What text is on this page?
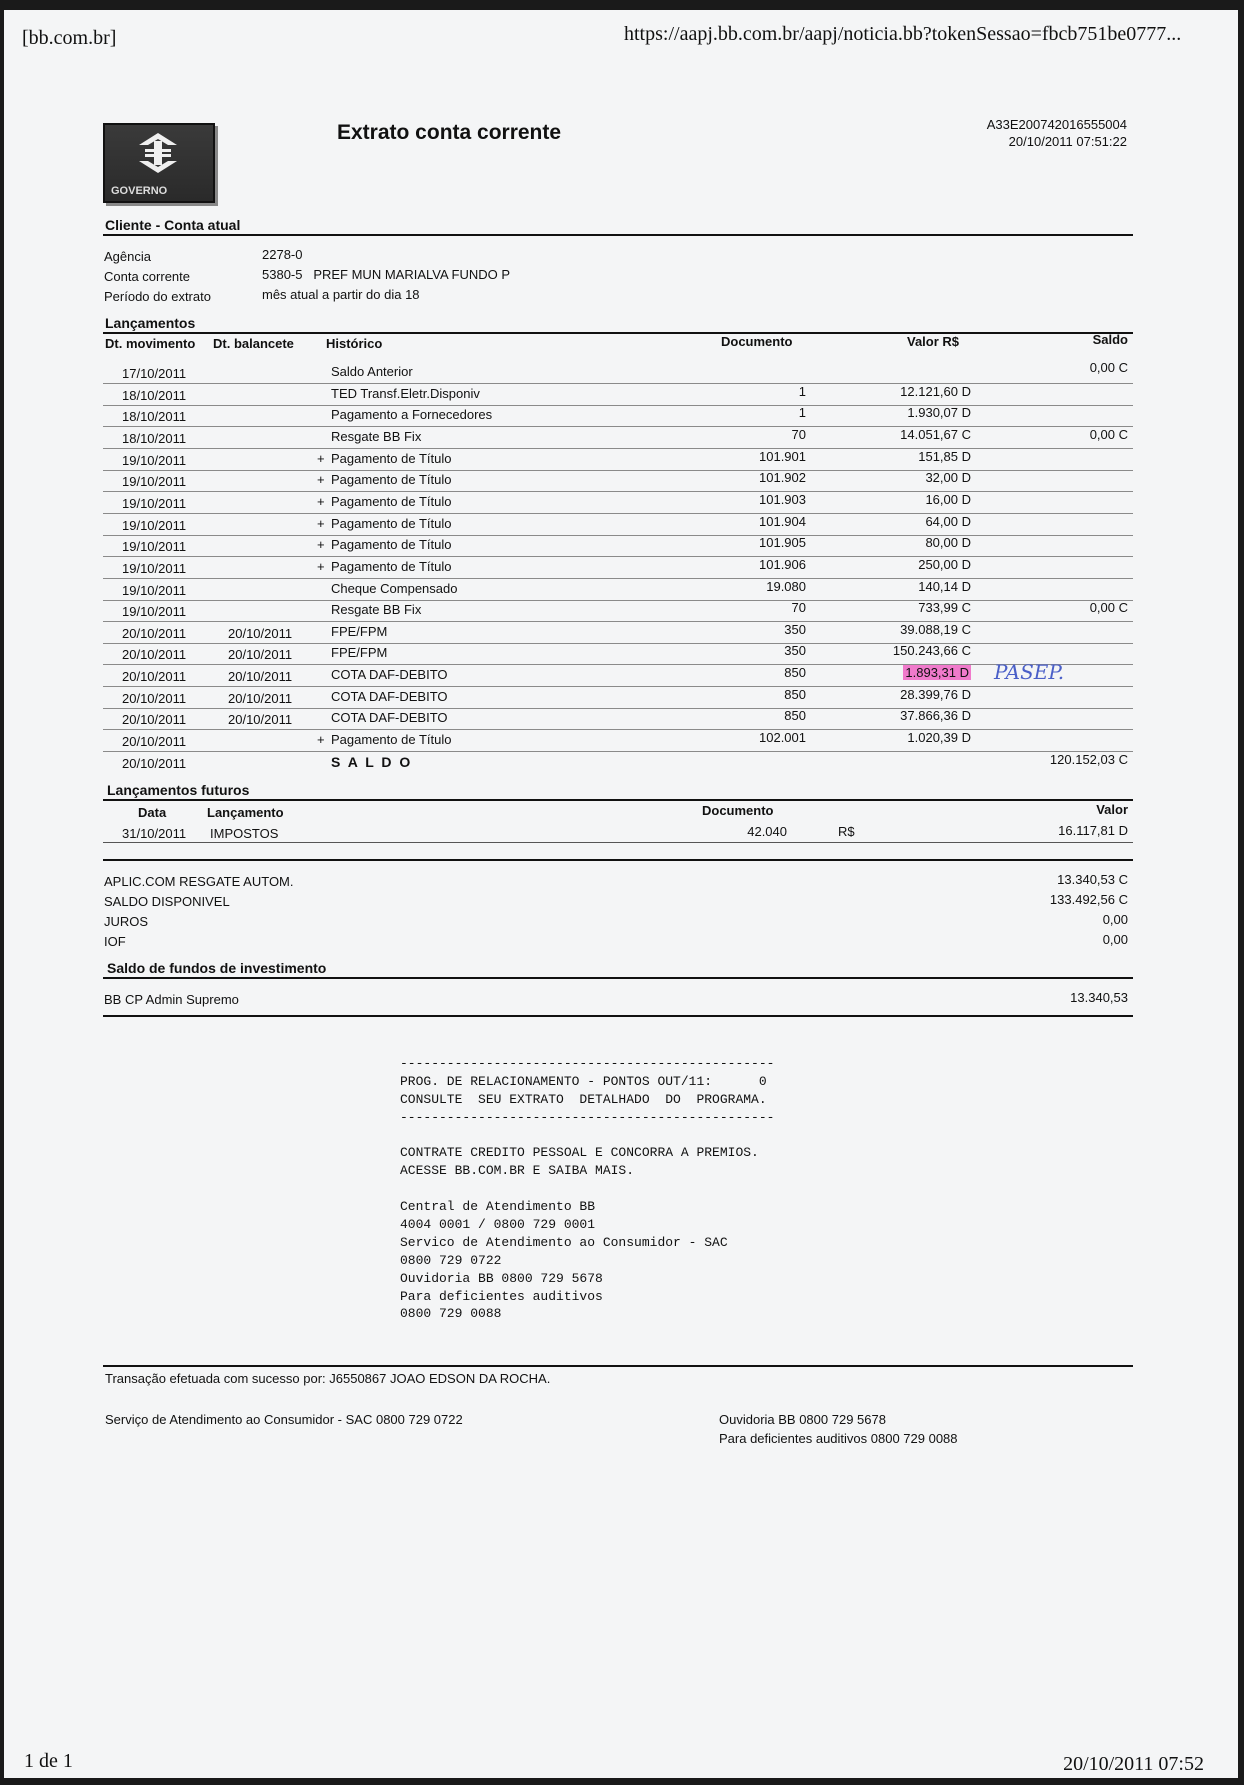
[bb.com.br]	https://aapj.bb.com.br/aapj/noticia.bb?tokenSessao=fbcb751be0777...
GOVERNO
Extrato conta corrente	A33E200742016555004
20/10/2011 07:51:22
Cliente - Conta atual
Agência	2278-0
Conta corrente	5380-5   PREF MUN MARIALVA FUNDO P
Período do extrato	mês atual a partir do dia 18
Lançamentos
Dt. movimento Dt. balancete Histórico	Documento	Valor R$	Saldo
17/10/2011	Saldo Anterior	0,00 C
18/10/2011	TED Transf.Eletr.Disponiv	1	12.121,60 D
18/10/2011	Pagamento a Fornecedores	1	1.930,07 D
18/10/2011	Resgate BB Fix	70	14.051,67 C	0,00 C
19/10/2011	+ Pagamento de Título	101.901	151,85 D
19/10/2011	+ Pagamento de Título	101.902	32,00 D
19/10/2011	+ Pagamento de Título	101.903	16,00 D
19/10/2011	+ Pagamento de Título	101.904	64,00 D
19/10/2011	+ Pagamento de Título	101.905	80,00 D
19/10/2011	+ Pagamento de Título	101.906	250,00 D
19/10/2011	Cheque Compensado	19.080	140,14 D
19/10/2011	Resgate BB Fix	70	733,99 C	0,00 C
20/10/2011	20/10/2011	FPE/FPM	350	39.088,19 C
20/10/2011	20/10/2011	FPE/FPM	350	150.243,66 C
20/10/2011	20/10/2011	COTA DAF-DEBITO	850	1.893,31 D PASEP.
20/10/2011	20/10/2011	COTA DAF-DEBITO	850	28.399,76 D
20/10/2011	20/10/2011	COTA DAF-DEBITO	850	37.866,36 D
20/10/2011	+ Pagamento de Título	102.001	1.020,39 D
20/10/2011	S A L D O	120.152,03 C
Lançamentos futuros
Data	Lançamento	Documento	Valor
31/10/2011 IMPOSTOS	42.040	R$	16.117,81 D
APLIC.COM RESGATE AUTOM.	13.340,53 C
SALDO DISPONIVEL	133.492,56 C
JUROS	0,00
IOF	0,00
Saldo de fundos de investimento
BB CP Admin Supremo	13.340,53
------------------------------------------------
PROG. DE RELACIONAMENTO - PONTOS OUT/11:      0
CONSULTE  SEU EXTRATO  DETALHADO  DO  PROGRAMA.
------------------------------------------------
CONTRATE CREDITO PESSOAL E CONCORRA A PREMIOS.
ACESSE BB.COM.BR E SAIBA MAIS.
Central de Atendimento BB
4004 0001 / 0800 729 0001
Servico de Atendimento ao Consumidor - SAC
0800 729 0722
Ouvidoria BB 0800 729 5678
Para deficientes auditivos
0800 729 0088
Transação efetuada com sucesso por: J6550867 JOAO EDSON DA ROCHA.
Serviço de Atendimento ao Consumidor - SAC 0800 729 0722	Ouvidoria BB 0800 729 5678
Para deficientes auditivos 0800 729 0088
1 de 1	20/10/2011 07:52
